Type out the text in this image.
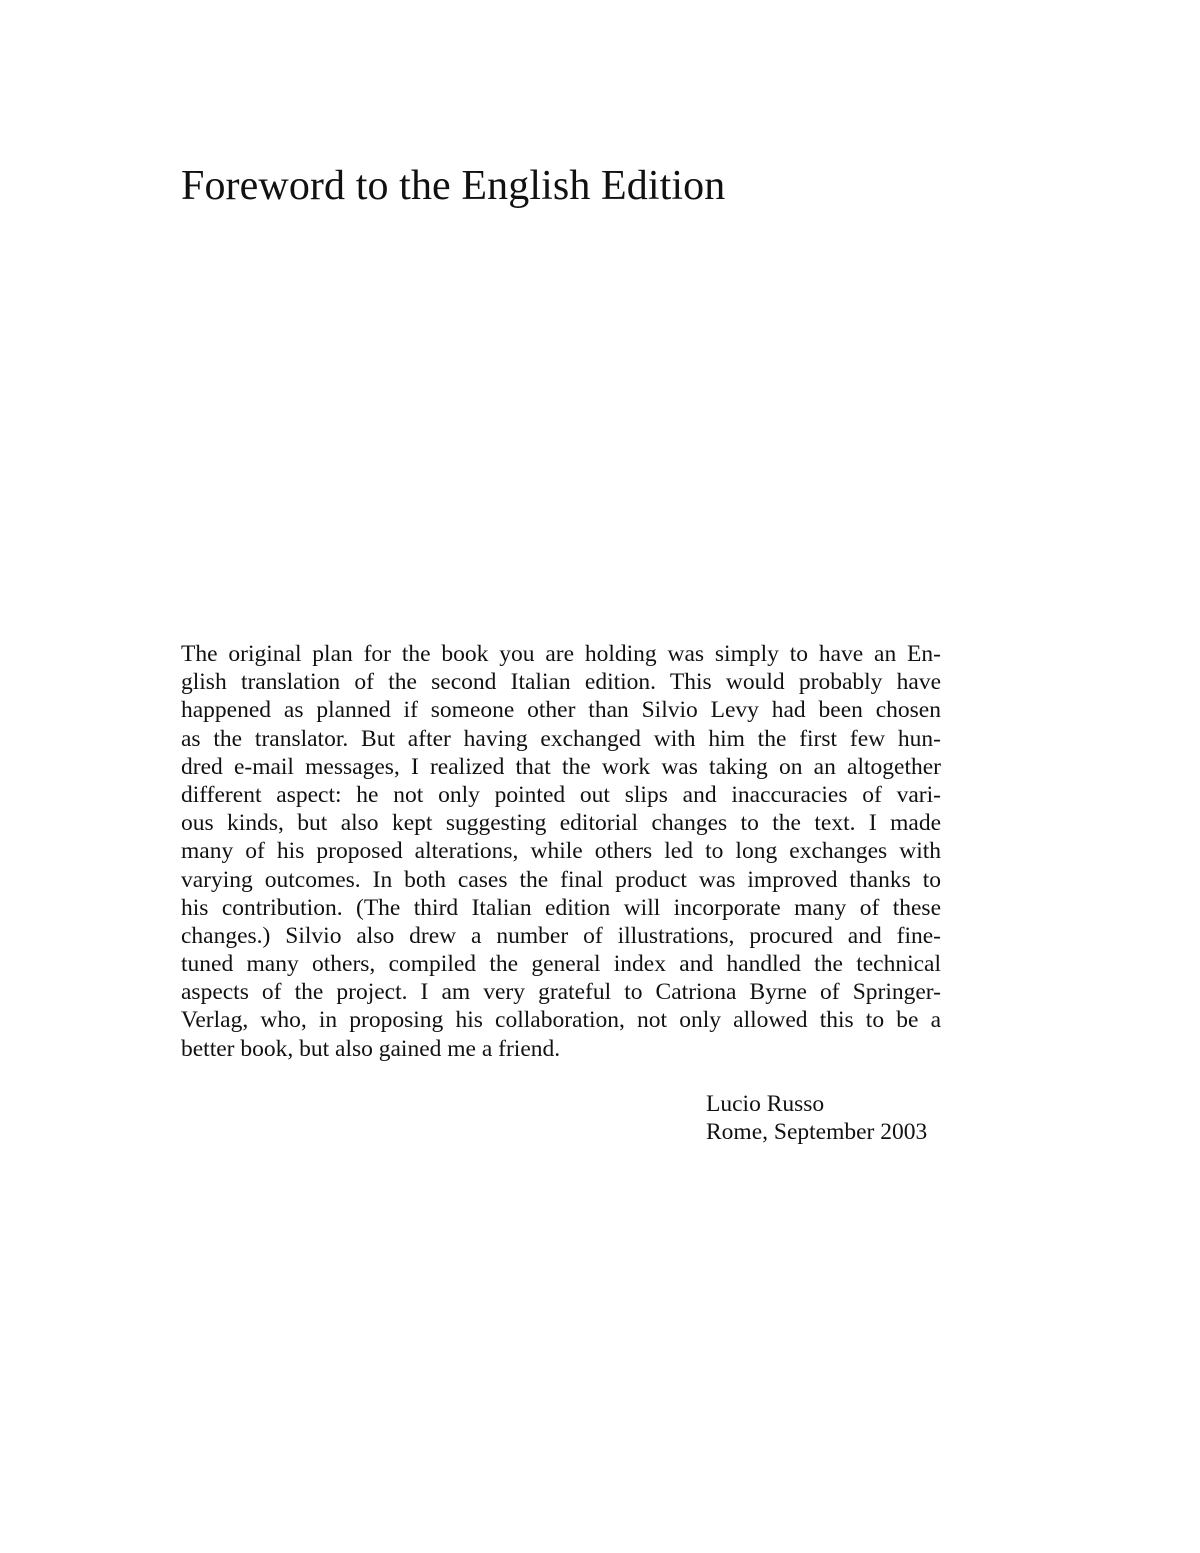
Foreword to the English Edition
The original plan for the book you are holding was simply to have an En-
glish translation of the second Italian edition. This would probably have
happened as planned if someone other than Silvio Levy had been chosen
as the translator. But after having exchanged with him the first few hun-
dred e-mail messages, I realized that the work was taking on an altogether
different aspect: he not only pointed out slips and inaccuracies of vari-
ous kinds, but also kept suggesting editorial changes to the text. I made
many of his proposed alterations, while others led to long exchanges with
varying outcomes. In both cases the final product was improved thanks to
his contribution. (The third Italian edition will incorporate many of these
changes.) Silvio also drew a number of illustrations, procured and fine-
tuned many others, compiled the general index and handled the technical
aspects of the project. I am very grateful to Catriona Byrne of Springer-
Verlag, who, in proposing his collaboration, not only allowed this to be a
better book, but also gained me a friend.
Lucio Russo
Rome, September 2003
